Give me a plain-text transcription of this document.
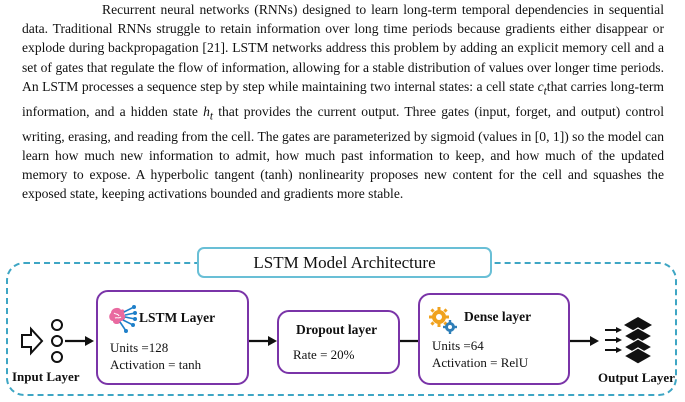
Recurrent neural networks (RNNs) designed to learn long-term temporal dependencies in sequential data. Traditional RNNs struggle to retain information over long time periods because gradients either disappear or explode during backpropagation [21]. LSTM networks address this problem by adding an explicit memory cell and a set of gates that regulate the flow of information, allowing for a stable distribution of values over longer time periods. An LSTM processes a sequence step by step while maintaining two internal states: a cell state $c_tthat$ carries long-term information, and a hidden state $h_t$ that provides the current output. Three gates (input, forget, and output) control writing, erasing, and reading from the cell. The gates are parameterized by sigmoid (values in [0, 1]) so the model can learn how much new information to admit, how much past information to keep, and how much of the updated memory to expose. A hyperbolic tangent (tanh) nonlinearity proposes new content for the cell and squashes the exposed state, keeping activations bounded and gradients more stable.

LSTM Model Architecture
Input Layer
LSTM Layer
Units =128
Activation = tanh
Dropout layer
Rate = 20%
Dense layer
Units =64
Activation = RelU
Output Layer
